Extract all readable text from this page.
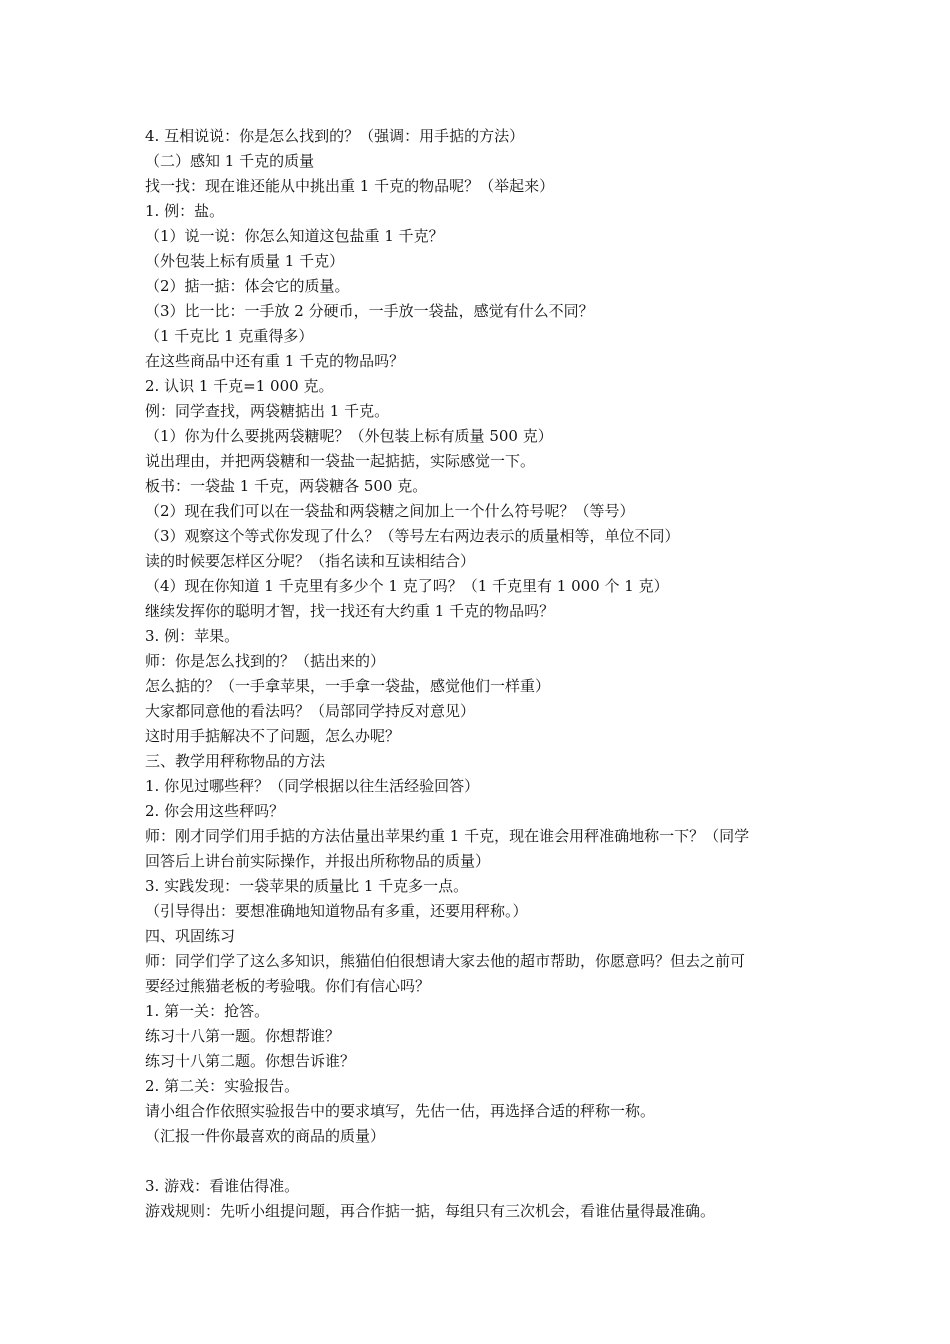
4. 互相说说：你是怎么找到的？（强调：用手掂的方法）
（二）感知 1 千克的质量
找一找：现在谁还能从中挑出重 1 千克的物品呢？（举起来）
1. 例：盐。
（1）说一说：你怎么知道这包盐重 1 千克？
（外包装上标有质量 1 千克）
（2）掂一掂：体会它的质量。
（3）比一比：一手放 2 分硬币，一手放一袋盐，感觉有什么不同？
（1 千克比 1 克重得多）
在这些商品中还有重 1 千克的物品吗？
2. 认识 1 千克=1 000 克。
例：同学查找，两袋糖掂出 1 千克。
（1）你为什么要挑两袋糖呢？（外包装上标有质量 500 克）
说出理由，并把两袋糖和一袋盐一起掂掂，实际感觉一下。
板书：一袋盐 1 千克，两袋糖各 500 克。
（2）现在我们可以在一袋盐和两袋糖之间加上一个什么符号呢？（等号）
（3）观察这个等式你发现了什么？（等号左右两边表示的质量相等，单位不同）
读的时候要怎样区分呢？（指名读和互读相结合）
（4）现在你知道 1 千克里有多少个 1 克了吗？（1 千克里有 1 000 个 1 克）
继续发挥你的聪明才智，找一找还有大约重 1 千克的物品吗？
3. 例：苹果。
师：你是怎么找到的？（掂出来的）
怎么掂的？（一手拿苹果，一手拿一袋盐，感觉他们一样重）
大家都同意他的看法吗？（局部同学持反对意见）
这时用手掂解决不了问题，怎么办呢？
三、教学用秤称物品的方法
1. 你见过哪些秤？（同学根据以往生活经验回答）
2. 你会用这些秤吗？
师：刚才同学们用手掂的方法估量出苹果约重 1 千克，现在谁会用秤准确地称一下？（同学
回答后上讲台前实际操作，并报出所称物品的质量）
3. 实践发现：一袋苹果的质量比 1 千克多一点。
（引导得出：要想准确地知道物品有多重，还要用秤称。）
四、巩固练习
师：同学们学了这么多知识，熊猫伯伯很想请大家去他的超市帮助，你愿意吗？但去之前可
要经过熊猫老板的考验哦。你们有信心吗？
1. 第一关：抢答。
练习十八第一题。你想帮谁？
练习十八第二题。你想告诉谁？
2. 第二关：实验报告。
请小组合作依照实验报告中的要求填写，先估一估，再选择合适的秤称一称。
（汇报一件你最喜欢的商品的质量）
3. 游戏：看谁估得准。
游戏规则：先听小组提问题，再合作掂一掂，每组只有三次机会，看谁估量得最准确。
